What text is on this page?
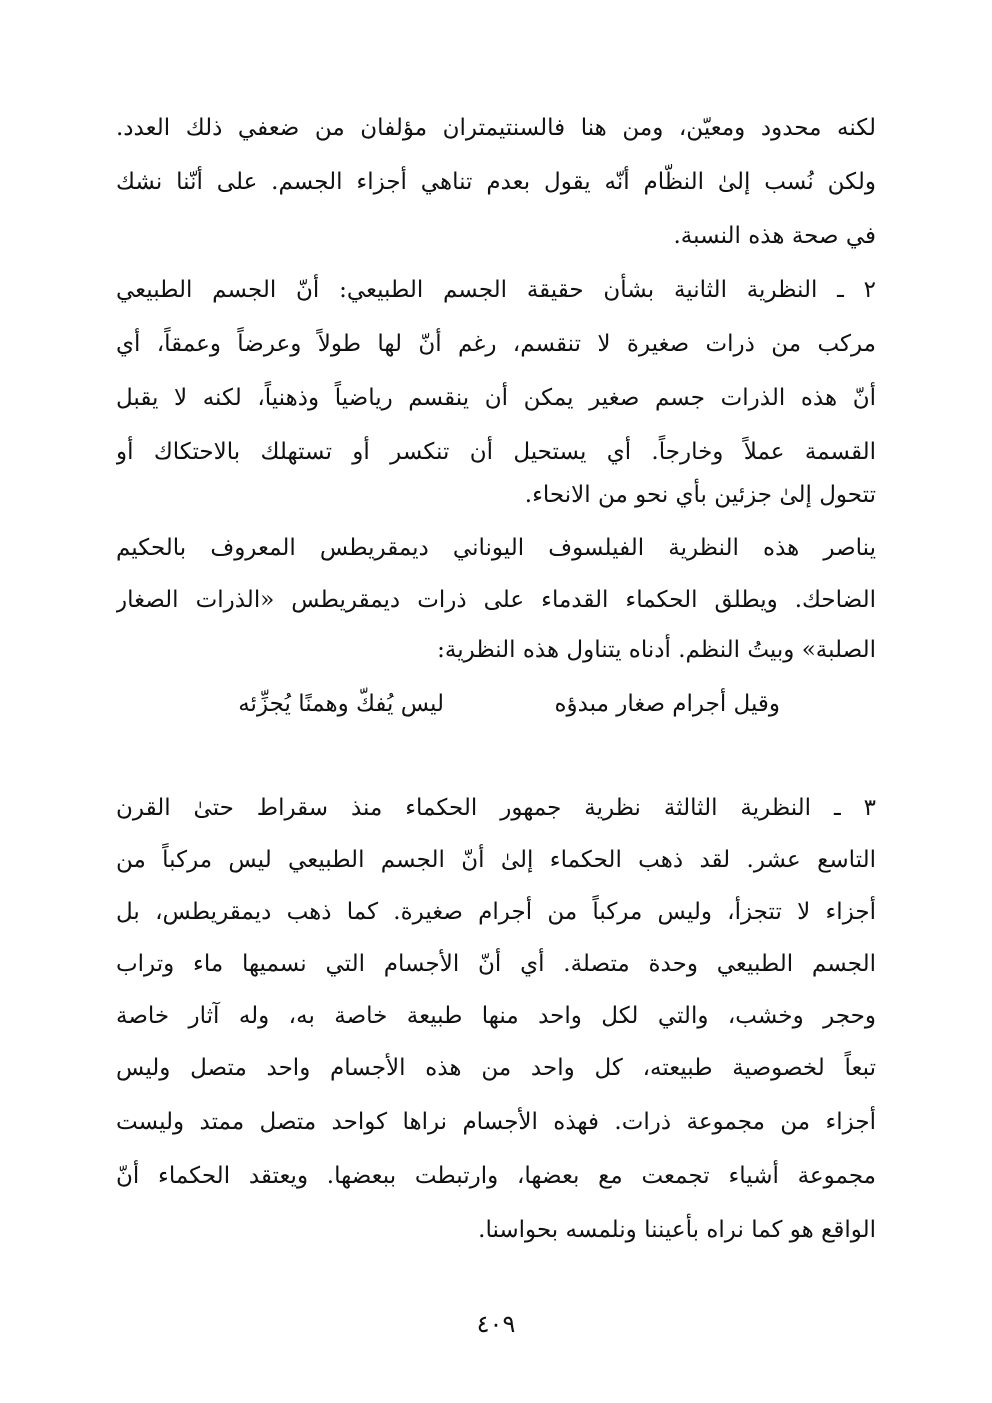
لكنه محدود ومعيّن، ومن هنا فالسنتيمتران مؤلفان من ضعفي ذلك العدد.
ولكن نُسب إلىٰ النظّام أنّه يقول بعدم تناهي أجزاء الجسم. على أنّنا نشك
في صحة هذه النسبة.
٢ ـ النظرية الثانية بشأن حقيقة الجسم الطبيعي: أنّ الجسم الطبيعي
مركب من ذرات صغيرة لا تنقسم، رغم أنّ لها طولاً وعرضاً وعمقاً، أي
أنّ هذه الذرات جسم صغير يمكن أن ينقسم رياضياً وذهنياً، لكنه لا يقبل
القسمة عملاً وخارجاً. أي يستحيل أن تنكسر أو تستهلك بالاحتكاك أو
تتحول إلىٰ جزئين بأي نحو من الانحاء.
يناصر هذه النظرية الفيلسوف اليوناني ديمقريطس المعروف بالحكيم
الضاحك. ويطلق الحكماء القدماء على ذرات ديمقريطس «الذرات الصغار
الصلبة» وبيتُ النظم. أدناه يتناول هذه النظرية:
وقيل أجرام صغار مبدؤه
ليس يُفكّ وهمنًا يُجزِّئه
٣ ـ النظرية الثالثة نظرية جمهور الحكماء منذ سقراط حتىٰ القرن
التاسع عشر. لقد ذهب الحكماء إلىٰ أنّ الجسم الطبيعي ليس مركباً من
أجزاء لا تتجزأ، وليس مركباً من أجرام صغيرة. كما ذهب ديمقريطس، بل
الجسم الطبيعي وحدة متصلة. أي أنّ الأجسام التي نسميها ماء وتراب
وحجر وخشب، والتي لكل واحد منها طبيعة خاصة به، وله آثار خاصة
تبعاً لخصوصية طبيعته، كل واحد من هذه الأجسام واحد متصل وليس
أجزاء من مجموعة ذرات. فهذه الأجسام نراها كواحد متصل ممتد وليست
مجموعة أشياء تجمعت مع بعضها، وارتبطت ببعضها. ويعتقد الحكماء أنّ
الواقع هو كما نراه بأعيننا ونلمسه بحواسنا.
٤٠٩
